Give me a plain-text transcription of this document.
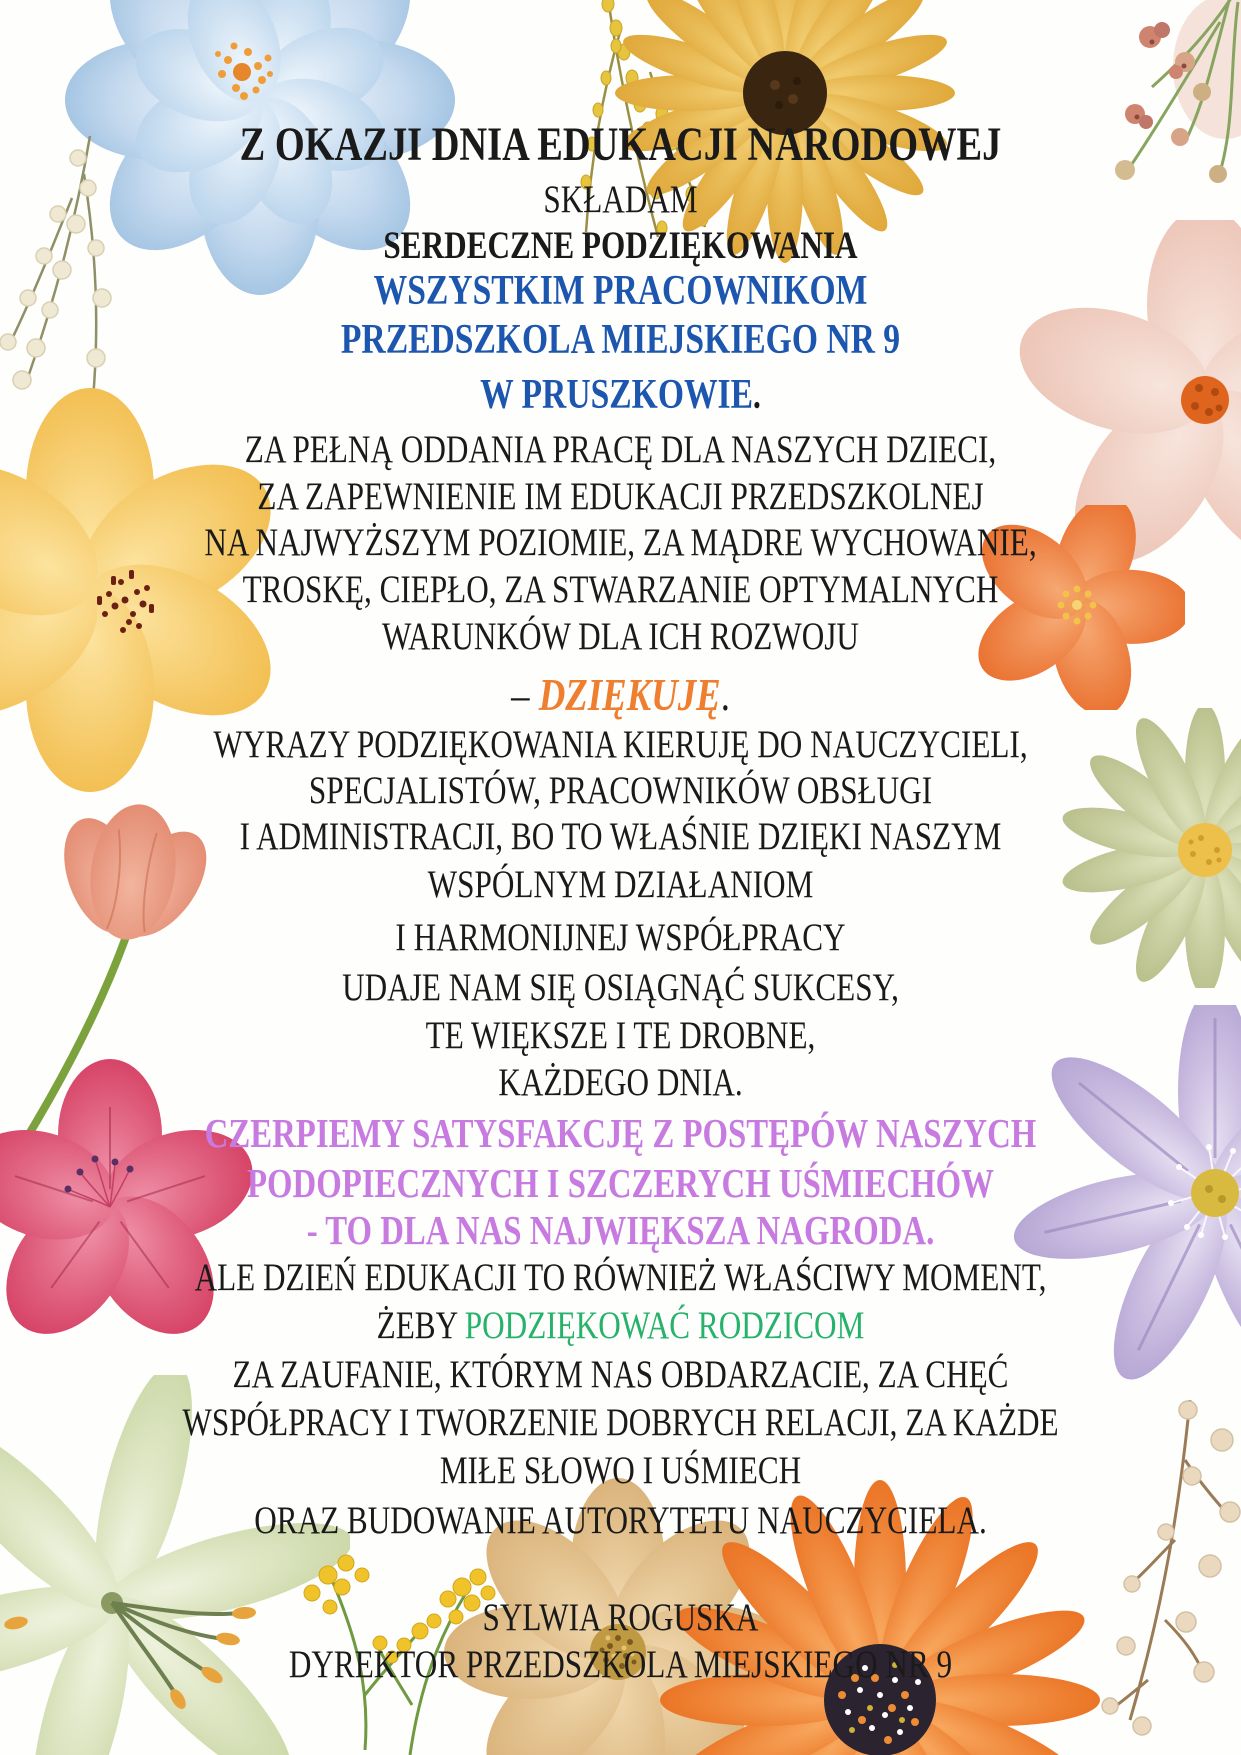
Z OKAZJI DNIA EDUKACJI NARODOWEJ
SKŁADAM
SERDECZNE PODZIĘKOWANIA
WSZYSTKIM PRACOWNIKOM
PRZEDSZKOLA MIEJSKIEGO NR 9
W PRUSZKOWIE.
ZA PEŁNĄ ODDANIA PRACĘ DLA NASZYCH DZIECI,
ZA ZAPEWNIENIE IM EDUKACJI PRZEDSZKOLNEJ
NA NAJWYŻSZYM POZIOMIE, ZA MĄDRE WYCHOWANIE,
TROSKĘ, CIEPŁO, ZA STWARZANIE OPTYMALNYCH
WARUNKÓW DLA ICH ROZWOJU
– DZIĘKUJĘ.
WYRAZY PODZIĘKOWANIA KIERUJĘ DO NAUCZYCIELI,
SPECJALISTÓW, PRACOWNIKÓW OBSŁUGI
I ADMINISTRACJI, BO TO WŁAŚNIE DZIĘKI NASZYM
WSPÓLNYM DZIAŁANIOM
I HARMONIJNEJ WSPÓŁPRACY
UDAJE NAM SIĘ OSIĄGNĄĆ SUKCESY,
TE WIĘKSZE I TE DROBNE,
KAŻDEGO DNIA.
CZERPIEMY SATYSFAKCJĘ Z POSTĘPÓW NASZYCH
PODOPIECZNYCH I SZCZERYCH UŚMIECHÓW
- TO DLA NAS NAJWIĘKSZA NAGRODA.
ALE DZIEŃ EDUKACJI TO RÓWNIEŻ WŁAŚCIWY MOMENT,
ŻEBY PODZIĘKOWAĆ RODZICOM
ZA ZAUFANIE, KTÓRYM NAS OBDARZACIE, ZA CHĘĆ
WSPÓŁPRACY I TWORZENIE DOBRYCH RELACJI, ZA KAŻDE
MIŁE SŁOWO I UŚMIECH
ORAZ BUDOWANIE AUTORYTETU NAUCZYCIELA.
SYLWIA ROGUSKA
DYREKTOR PRZEDSZKOLA MIEJSKIEGO NR 9
